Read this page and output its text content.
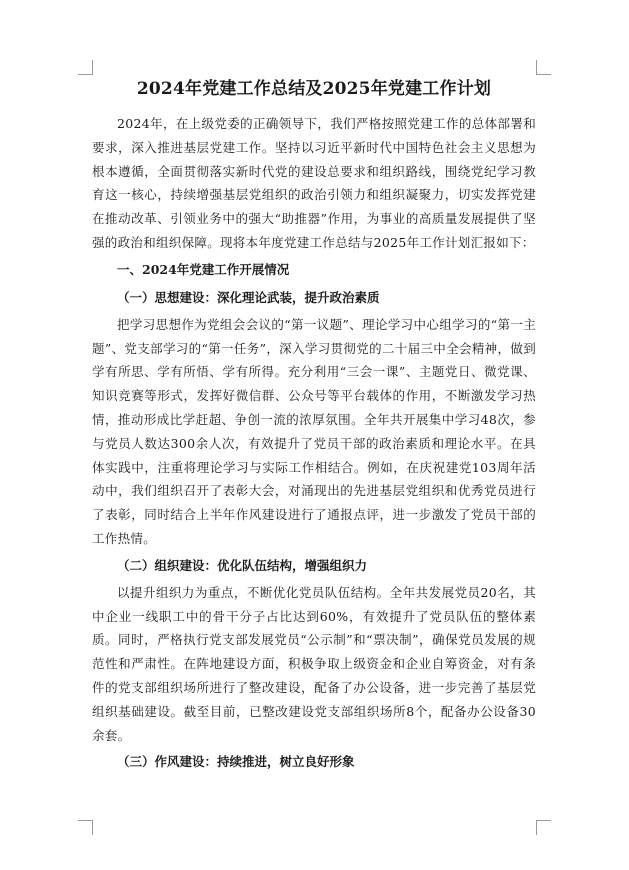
2024年党建工作总结及2025年党建工作计划

2024年，在上级党委的正确领导下，我们严格按照党建工作的总体部署和要求，深入推进基层党建工作。坚持以习近平新时代中国特色社会主义思想为根本遵循，全面贯彻落实新时代党的建设总要求和组织路线，围绕党纪学习教育这一核心，持续增强基层党组织的政治引领力和组织凝聚力，切实发挥党建在推动改革、引领业务中的强大“助推器”作用，为事业的高质量发展提供了坚强的政治和组织保障。现将本年度党建工作总结与2025年工作计划汇报如下：

一、2024年党建工作开展情况
（一）思想建设：深化理论武装，提升政治素质

把学习思想作为党组会会议的“第一议题”、理论学习中心组学习的“第一主题”、党支部学习的“第一任务”，深入学习贯彻党的二十届三中全会精神，做到学有所思、学有所悟、学有所得。充分利用“三会一课”、主题党日、微党课、知识竞赛等形式，发挥好微信群、公众号等平台载体的作用，不断激发学习热情，推动形成比学赶超、争创一流的浓厚氛围。全年共开展集中学习48次，参与党员人数达300余人次，有效提升了党员干部的政治素质和理论水平。在具体实践中，注重将理论学习与实际工作相结合。例如，在庆祝建党103周年活动中，我们组织召开了表彰大会，对涌现出的先进基层党组织和优秀党员进行了表彰，同时结合上半年作风建设进行了通报点评，进一步激发了党员干部的工作热情。

（二）组织建设：优化队伍结构，增强组织力

以提升组织力为重点，不断优化党员队伍结构。全年共发展党员20名，其中企业一线职工中的骨干分子占比达到60%，有效提升了党员队伍的整体素质。同时，严格执行党支部发展党员“公示制”和“票决制”，确保党员发展的规范性和严肃性。在阵地建设方面，积极争取上级资金和企业自筹资金，对有条件的党支部组织场所进行了整改建设，配备了办公设备，进一步完善了基层党组织基础建设。截至目前，已整改建设党支部组织场所8个，配备办公设备30余套。

（三）作风建设：持续推进，树立良好形象
